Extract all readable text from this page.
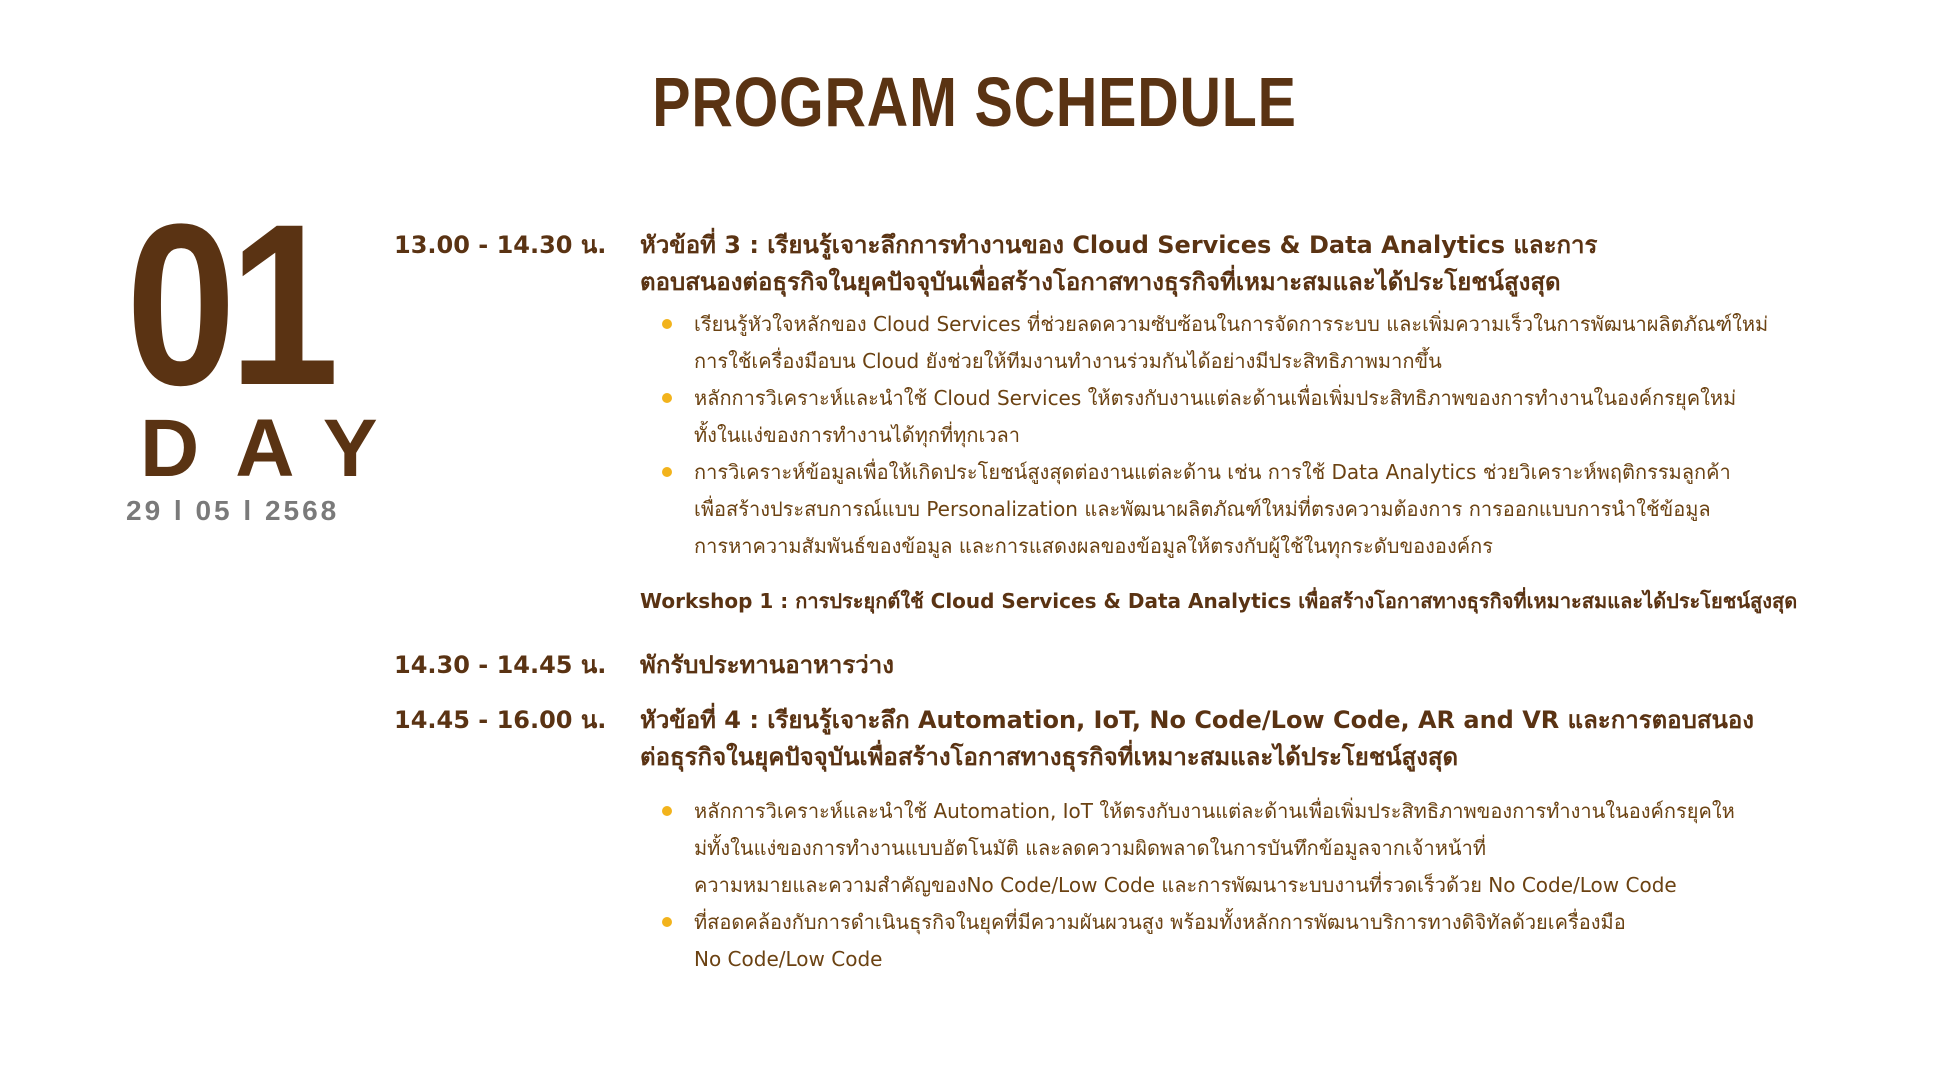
PROGRAM SCHEDULE
01
DAY
29 l 05 l 2568
13.00 - 14.30 น. หัวข้อที่ 3 : เรียนรู้เจาะลึกการทำงานของ Cloud Services & Data Analytics และการ
ตอบสนองต่อธุรกิจในยุคปัจจุบันเพื่อสร้างโอกาสทางธุรกิจที่เหมาะสมและได้ประโยชน์สูงสุด
เรียนรู้หัวใจหลักของ Cloud Services ที่ช่วยลดความซับซ้อนในการจัดการระบบ และเพิ่มความเร็วในการพัฒนาผลิตภัณฑ์ใหม่
การใช้เครื่องมือบน Cloud ยังช่วยให้ทีมงานทำงานร่วมกันได้อย่างมีประสิทธิภาพมากขึ้น
หลักการวิเคราะห์และนำใช้ Cloud Services ให้ตรงกับงานแต่ละด้านเพื่อเพิ่มประสิทธิภาพของการทำงานในองค์กรยุคใหม่
ทั้งในแง่ของการทำงานได้ทุกที่ทุกเวลา
การวิเคราะห์ข้อมูลเพื่อให้เกิดประโยชน์สูงสุดต่องานแต่ละด้าน เช่น การใช้ Data Analytics ช่วยวิเคราะห์พฤติกรรมลูกค้า
เพื่อสร้างประสบการณ์แบบ Personalization และพัฒนาผลิตภัณฑ์ใหม่ที่ตรงความต้องการ การออกแบบการนำใช้ข้อมูล
การหาความสัมพันธ์ของข้อมูล และการแสดงผลของข้อมูลให้ตรงกับผู้ใช้ในทุกระดับขององค์กร
Workshop 1 : การประยุกต์ใช้ Cloud Services & Data Analytics เพื่อสร้างโอกาสทางธุรกิจที่เหมาะสมและได้ประโยชน์สูงสุด
14.30 - 14.45 น. พักรับประทานอาหารว่าง
14.45 - 16.00 น. หัวข้อที่ 4 : เรียนรู้เจาะลึก Automation, IoT, No Code/Low Code, AR and VR และการตอบสนอง
ต่อธุรกิจในยุคปัจจุบันเพื่อสร้างโอกาสทางธุรกิจที่เหมาะสมและได้ประโยชน์สูงสุด
หลักการวิเคราะห์และนำใช้ Automation, IoT ให้ตรงกับงานแต่ละด้านเพื่อเพิ่มประสิทธิภาพของการทำงานในองค์กรยุคให
ม่ทั้งในแง่ของการทำงานแบบอัตโนมัติ และลดความผิดพลาดในการบันทึกข้อมูลจากเจ้าหน้าที่
ความหมายและความสำคัญของNo Code/Low Code และการพัฒนาระบบงานที่รวดเร็วด้วย No Code/Low Code
ที่สอดคล้องกับการดำเนินธุรกิจในยุคที่มีความผันผวนสูง พร้อมทั้งหลักการพัฒนาบริการทางดิจิทัลด้วยเครื่องมือ
No Code/Low Code
